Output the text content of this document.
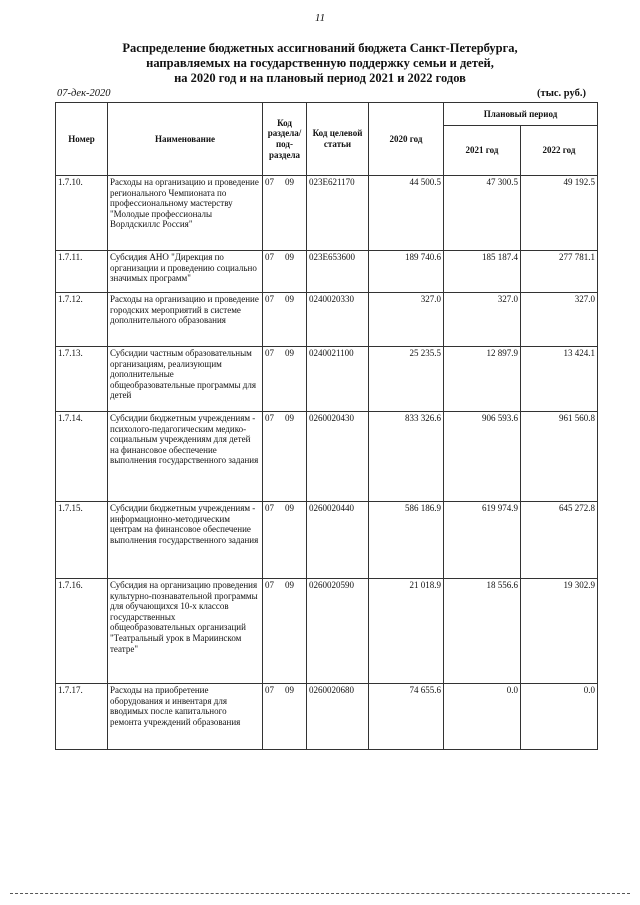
11
Распределение бюджетных ассигнований бюджета Санкт-Петербурга,
направляемых на государственную поддержку семьи и детей,
на 2020 год и на плановый период 2021 и 2022 годов
07-дек-2020	(тыс. руб.)
Номер	Наименование	Код раздела/ под- раздела	Код целевой статьи	2020 год	Плановый период	
					2021 год	2022 год
1.7.10.	Расходы на организацию и проведение регионального Чемпионата по профессиональному мастерству "Молодые профессионалы Ворлдскиллс Россия"	07 09	023E621170	44 500.5	47 300.5	49 192.5
1.7.11.	Субсидия АНО "Дирекция по организации и проведению социально значимых программ"	07 09	023E653600	189 740.6	185 187.4	277 781.1
1.7.12.	Расходы на организацию и проведение городских мероприятий в системе дополнительного образования	07 09	0240020330	327.0	327.0	327.0
1.7.13.	Субсидии частным образовательным организациям, реализующим дополнительные общеобразовательные программы для детей	07 09	0240021100	25 235.5	12 897.9	13 424.1
1.7.14.	Субсидии бюджетным учреждениям - психолого-педагогическим медико-социальным учреждениям для детей на финансовое обеспечение выполнения государственного задания	07 09	0260020430	833 326.6	906 593.6	961 560.8
1.7.15.	Субсидии бюджетным учреждениям - информационно-методическим центрам на финансовое обеспечение выполнения государственного задания	07 09	0260020440	586 186.9	619 974.9	645 272.8
1.7.16.	Субсидия на организацию проведения культурно-познавательной программы для обучающихся 10-х классов государственных общеобразовательных организаций "Театральный урок в Мариинском театре"	07 09	0260020590	21 018.9	18 556.6	19 302.9
1.7.17.	Расходы на приобретение оборудования и инвентаря для вводимых после капитального ремонта учреждений образования	07 09	0260020680	74 655.6	0.0	0.0
